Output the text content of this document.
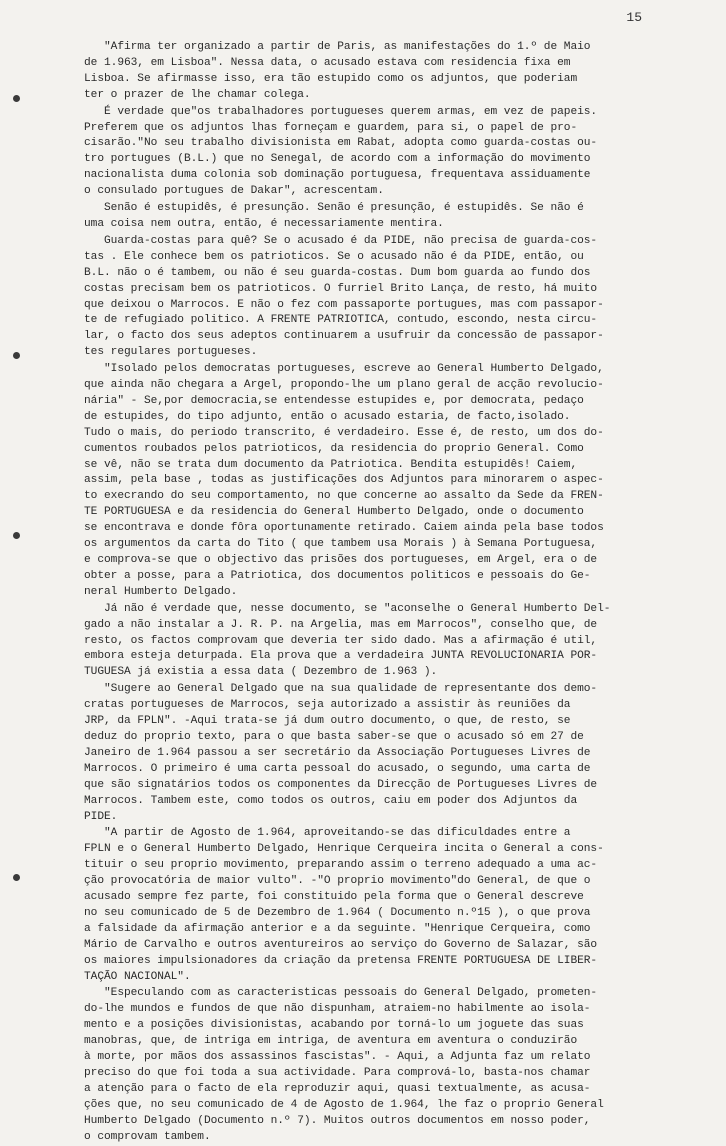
15
"Afirma ter organizado a partir de Paris, as manifestações do 1.º de Maio
de 1.963, em Lisboa". Nessa data, o acusado estava com residencia fixa em
Lisboa. Se afirmasse isso, era tão estupido como os adjuntos, que poderiam
ter o prazer de lhe chamar colega.
É verdade que"os trabalhadores portugueses querem armas, em vez de papeis.
Preferem que os adjuntos lhas forneçam e guardem, para si, o papel de pro-
cisarão."No seu trabalho divisionista em Rabat, adopta como guarda-costas ou-
tro portugues (B.L.) que no Senegal, de acordo com a informação do movimento
nacionalista duma colonia sob dominação portuguesa, frequentava assiduamente
o consulado portugues de Dakar", acrescentam.
Senão é estupidês, é presunção. Senão é presunção, é estupidês. Se não é
uma coisa nem outra, então, é necessariamente mentira.
Guarda-costas para quê? Se o acusado é da PIDE, não precisa de guarda-cos-
tas . Ele conhece bem os patrioticos. Se o acusado não é da PIDE, então, ou
B.L. não o é tambem, ou não é seu guarda-costas. Dum bom guarda ao fundo dos
costas precisam bem os patrioticos. O furriel Brito Lança, de resto, há muito
que deixou o Marrocos. E não o fez com passaporte portugues, mas com passapor-
te de refugiado politico. A FRENTE PATRIOTICA, contudo, escondo, nesta circu-
lar, o facto dos seus adeptos continuarem a usufruir da concessão de passapor-
tes regulares portugueses.
"Isolado pelos democratas portugueses, escreve ao General Humberto Delgado,
que ainda não chegara a Argel, propondo-lhe um plano geral de acção revolucio-
nária" - Se,por democracia,se entendesse estupides e, por democrata, pedaço
de estupides, do tipo adjunto, então o acusado estaria, de facto,isolado.
Tudo o mais, do periodo transcrito, é verdadeiro. Esse é, de resto, um dos do-
cumentos roubados pelos patrioticos, da residencia do proprio General. Como
se vê, não se trata dum documento da Patriotica. Bendita estupidês! Caiem,
assim, pela base , todas as justificações dos Adjuntos para minorarem o aspec-
to execrando do seu comportamento, no que concerne ao assalto da Sede da FREN-
TE PORTUGUESA e da residencia do General Humberto Delgado, onde o documento
se encontrava e donde fôra oportunamente retirado. Caiem ainda pela base todos
os argumentos da carta do Tito ( que tambem usa Morais ) à Semana Portuguesa,
e comprova-se que o objectivo das prisões dos portugueses, em Argel, era o de
obter a posse, para a Patriotica, dos documentos politicos e pessoais do Ge-
neral Humberto Delgado.
Já não é verdade que, nesse documento, se "aconselhe o General Humberto Del-
gado a não instalar a J. R. P. na Argelia, mas em Marrocos", conselho que, de
resto, os factos comprovam que deveria ter sido dado. Mas a afirmação é util,
embora esteja deturpada. Ela prova que a verdadeira JUNTA REVOLUCIONARIA POR-
TUGUESA já existia a essa data ( Dezembro de 1.963 ).
"Sugere ao General Delgado que na sua qualidade de representante dos demo-
cratas portugueses de Marrocos, seja autorizado a assistir às reuniões da
JRP, da FPLN". -Aqui trata-se já dum outro documento, o que, de resto, se
deduz do proprio texto, para o que basta saber-se que o acusado só em 27 de
Janeiro de 1.964 passou a ser secretário da Associação Portugueses Livres de
Marrocos. O primeiro é uma carta pessoal do acusado, o segundo, uma carta de
que são signatários todos os componentes da Direcção de Portugueses Livres de
Marrocos. Tambem este, como todos os outros, caiu em poder dos Adjuntos da
PIDE.
"A partir de Agosto de 1.964, aproveitando-se das dificuldades entre a
FPLN e o General Humberto Delgado, Henrique Cerqueira incita o General a cons-
tituir o seu proprio movimento, preparando assim o terreno adequado a uma ac-
ção provocatória de maior vulto". -"O proprio movimento"do General, de que o
acusado sempre fez parte, foi constituido pela forma que o General descreve
no seu comunicado de 5 de Dezembro de 1.964 ( Documento n.º15 ), o que prova
a falsidade da afirmação anterior e a da seguinte. "Henrique Cerqueira, como
Mário de Carvalho e outros aventureiros ao serviço do Governo de Salazar, são
os maiores impulsionadores da criação da pretensa FRENTE PORTUGUESA DE LIBER-
TAÇÃO NACIONAL".
"Especulando com as caracteristicas pessoais do General Delgado, prometen-
do-lhe mundos e fundos de que não dispunham, atraiem-no habilmente ao isola-
mento e a posições divisionistas, acabando por torná-lo um joguete das suas
manobras, que, de intriga em intriga, de aventura em aventura o conduzirão
à morte, por mãos dos assassinos fascistas". - Aqui, a Adjunta faz um relato
preciso do que foi toda a sua actividade. Para comprová-lo, basta-nos chamar
a atenção para o facto de ela reproduzir aqui, quasi textualmente, as acusa-
ções que, no seu comunicado de 4 de Agosto de 1.964, lhe faz o proprio General
Humberto Delgado (Documento n.º 7). Muitos outros documentos em nosso poder,
o comprovam tambem.
